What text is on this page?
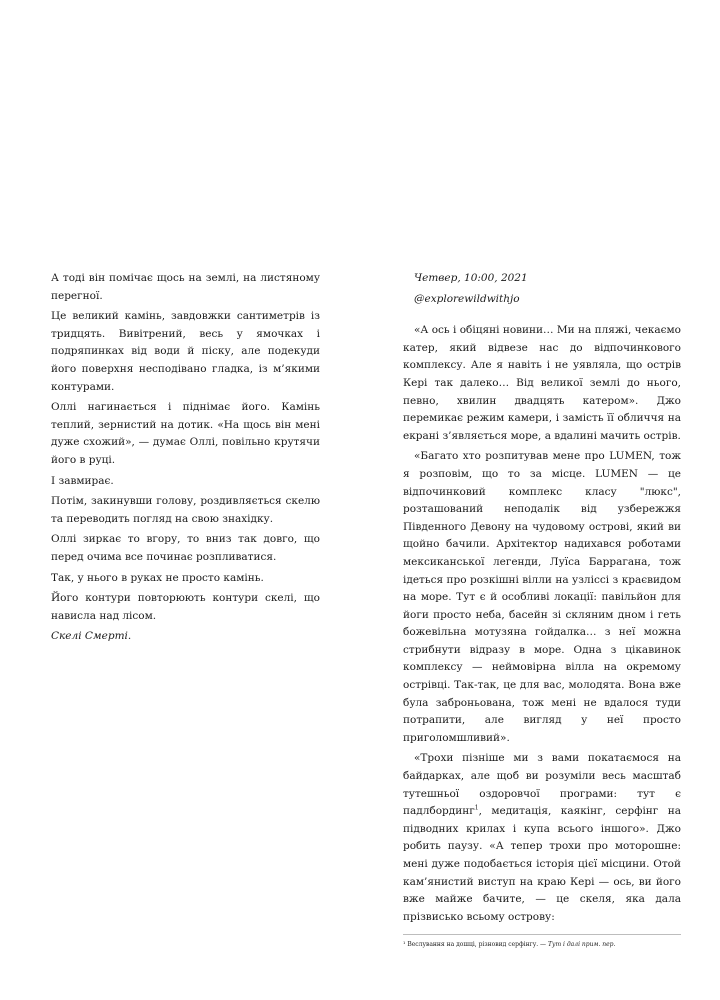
А тоді він помічає щось на землі, на листяному перегної.

Це великий камінь, завдовжки сантиметрів із тридцять. Вивітрений, весь у ямочках і подряпинках від води й піску, але подекуди його поверхня несподівано гладка, із м’якими контурами.

Оллі нагинається і піднімає його. Камінь теплий, зернистий на дотик. «На щось він мені дуже схожий», — думає Оллі, повільно крутячи його в руці.

І завмирає.

Потім, закинувши голову, роздивляється скелю та переводить погляд на свою знахідку.

Оллі зиркає то вгору, то вниз так довго, що перед очима все починає розпливатися.

Так, у нього в руках не просто камінь.

Його контури повторюють контури скелі, що нависла над лісом.

Скелі Смерті.

Четвер, 10:00, 2021

@explorewildwithjo

«А ось і обіцяні новини… Ми на пляжі, чекаємо катер, який відвезе нас до відпочинкового комплексу. Але я навіть і не уявляла, що острів Кері так далеко… Від великої землі до нього, певно, хвилин двадцять катером». Джо перемикає режим камери, і замість її обличчя на екрані з’являється море, а вдалині мачить острів.

«Багато хто розпитував мене про LUMEN, тож я розповім, що то за місце. LUMEN — це відпочинковий комплекс класу "люкс", розташований неподалік від узбережжя Південного Девону на чудовому острові, який ви щойно бачили. Архітектор надихався роботами мексиканської легенди, Луїса Баррагана, тож ідеться про розкішні вілли на узліссі з краєвидом на море. Тут є й особливі локації: павільйон для йоги просто неба, басейн зі скляним дном і геть божевільна мотузяна гойдалка… з неї можна стрибнути відразу в море. Одна з цікавинок комплексу — неймовірна вілла на окремому острівці. Так-так, це для вас, молодята. Вона вже була заброньована, тож мені не вдалося туди потрапити, але вигляд у неї просто приголомшливий».

«Трохи пізніше ми з вами покатаємося на байдарках, але щоб ви розуміли весь масштаб тутешньої оздоровчої програми: тут є падлбординг$^1$, медитація, каякінг, серфінг на підводних крилах і купа всього іншого». Джо робить паузу. «А тепер трохи про моторошне: мені дуже подобається історія цієї місцини. Отой кам’янистий виступ на краю Кері — ось, ви його вже майже бачите, — це скеля, яка дала прізвисько всьому острову:

¹ Веслування на дошці, різновид серфінгу. — Тут і далі прим. пер.
